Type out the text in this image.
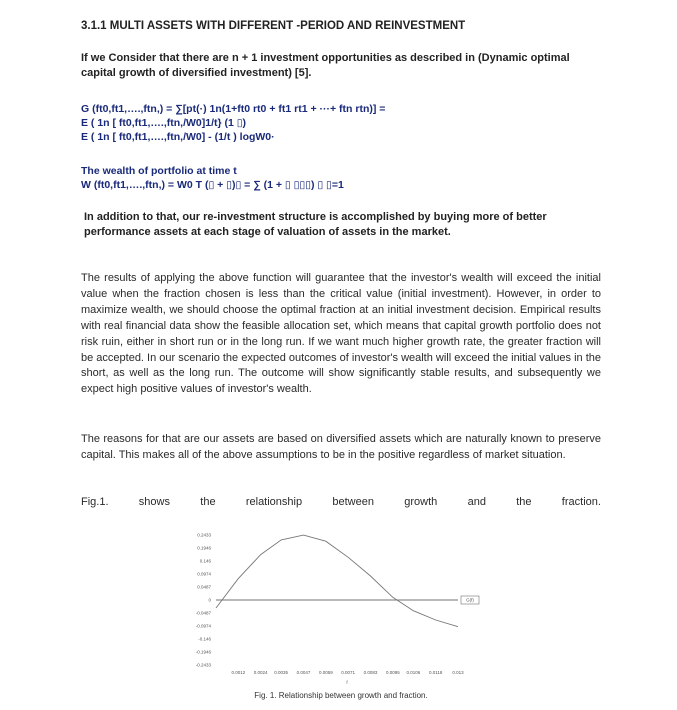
3.1.1 MULTI ASSETS WITH DIFFERENT -PERIOD AND REINVESTMENT
If we Consider that there are n + 1 investment opportunities as described in (Dynamic optimal capital growth of diversified investment) [5].
G (ft0,ft1,….,ftn,) = ∑[pt(·) 1n(1+ft0 rt0 + ft1 rt1 + ···+ ftn rtn)] =
E ( 1n [ ft0,ft1,….,ftn,/W0]1/t} (1 ▯)
E ( 1n [ ft0,ft1,….,ftn,/W0] - (1/t ) logW0·
The wealth of portfolio at time t
W (ft0,ft1,….,ftn,) = W0 T (▯ + ▯)▯ = ∑ (1 + ▯ ▯▯▯) ▯ ▯=1
In addition to that, our re-investment structure is accomplished by buying more of better performance assets at each stage of valuation of assets in the market.
The results of applying the above function will guarantee that the investor's wealth will exceed the initial value when the fraction chosen is less than the critical value (initial investment). However, in order to maximize wealth, we should choose the optimal fraction at an initial investment decision. Empirical results with real financial data show the feasible allocation set, which means that capital growth portfolio does not risk ruin, either in short run or in the long run. If we want much higher growth rate, the greater fraction will be accepted. In our scenario the expected outcomes of investor's wealth will exceed the initial values in the short, as well as the long run. The outcome will show significantly stable results, and subsequently we expect high positive values of investor's wealth.
The reasons for that are our assets are based on diversified assets which are naturally known to preserve capital. This makes all of the above assumptions to be in the positive regardless of market situation.
Fig.1.	shows	the	relationship	between	growth	and	the	fraction.
0.2433
0.1946
0.146
0.0974
0.0487
0
-0.0487
-0.0974
-0.146
-0.1946
-0.2433
0.0012 0.0024 0.0035 0.0047 0.0059 0.0071 0.0083 0.0095 0.0106 0.0118 0.013
f
G(f)
Fig. 1. Relationship between growth and fraction.
